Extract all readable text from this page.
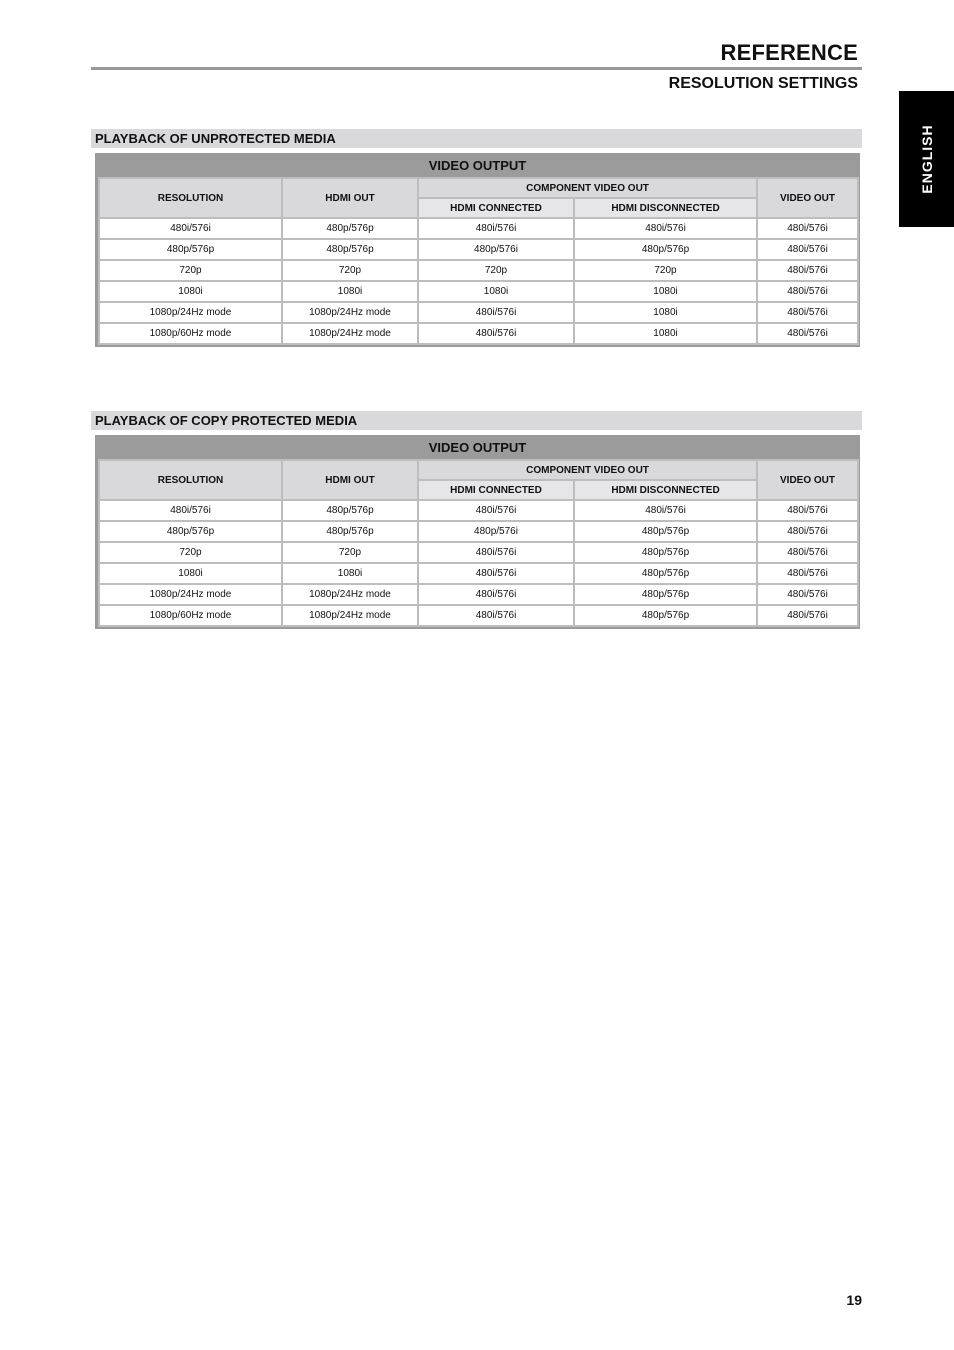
REFERENCE
RESOLUTION SETTINGS
ENGLISH
PLAYBACK OF UNPROTECTED MEDIA
VIDEO OUTPUT
RESOLUTION	HDMI OUT	COMPONENT VIDEO OUT		VIDEO OUT
		HDMI CONNECTED	HDMI DISCONNECTED	
480i/576i	480p/576p	480i/576i	480i/576i	480i/576i
480p/576p	480p/576p	480p/576i	480p/576p	480i/576i
720p	720p	720p	720p	480i/576i
1080i	1080i	1080i	1080i	480i/576i
1080p/24Hz mode	1080p/24Hz mode	480i/576i	1080i	480i/576i
1080p/60Hz mode	1080p/24Hz mode	480i/576i	1080i	480i/576i
PLAYBACK OF COPY PROTECTED MEDIA
VIDEO OUTPUT
RESOLUTION	HDMI OUT	COMPONENT VIDEO OUT		VIDEO OUT
		HDMI CONNECTED	HDMI DISCONNECTED	
480i/576i	480p/576p	480i/576i	480i/576i	480i/576i
480p/576p	480p/576p	480p/576i	480p/576p	480i/576i
720p	720p	480i/576i	480p/576p	480i/576i
1080i	1080i	480i/576i	480p/576p	480i/576i
1080p/24Hz mode	1080p/24Hz mode	480i/576i	480p/576p	480i/576i
1080p/60Hz mode	1080p/24Hz mode	480i/576i	480p/576p	480i/576i
19
